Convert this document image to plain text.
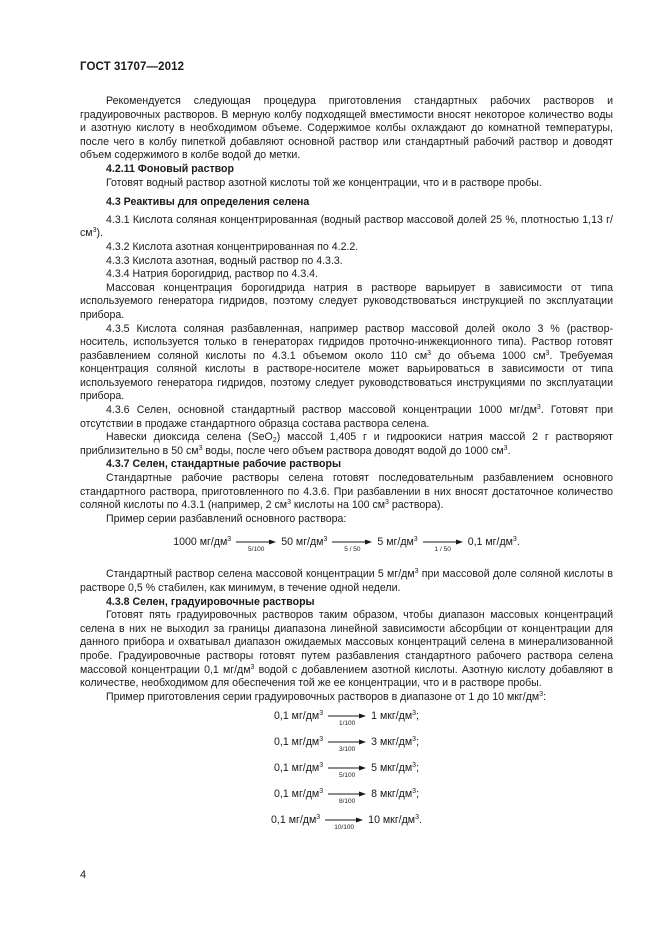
ГОСТ 31707—2012

Рекомендуется следующая процедура приготовления стандартных рабочих растворов и градуировочных растворов. В мерную колбу подходящей вместимости вносят некоторое количество воды и азотную кислоту в необходимом объеме. Содержимое колбы охлаждают до комнатной температуры, после чего в колбу пипеткой добавляют основной раствор или стандартный рабочий раствор и доводят объем содержимого в колбе водой до метки.

4.2.11 Фоновый раствор

Готовят водный раствор азотной кислоты той же концентрации, что и в растворе пробы.

4.3 Реактивы для определения селена

4.3.1 Кислота соляная концентрированная (водный раствор массовой долей 25 %, плотностью 1,13 $г/см^3$).

4.3.2 Кислота азотная концентрированная по 4.2.2.

4.3.3 Кислота азотная, водный раствор по 4.3.3.

4.3.4 Натрия борогидрид, раствор по 4.3.4.

Массовая концентрация борогидрида натрия в растворе варьирует в зависимости от типа используемого генератора гидридов, поэтому следует руководствоваться инструкцией по эксплуатации прибора.

4.3.5 Кислота соляная разбавленная, например раствор массовой долей около 3 % (раствор-носитель, используется только в генераторах гидридов проточно-инжекционного типа). Раствор готовят разбавлением соляной кислоты по 4.3.1 объемом около 110 $см^3$ до объема 1000 $см^3$. Требуемая концентрация соляной кислоты в растворе-носителе может варьироваться в зависимости от типа используемого генератора гидридов, поэтому следует руководствоваться инструкциями по эксплуатации прибора.

4.3.6 Селен, основной стандартный раствор массовой концентрации 1000 $мг/дм^3$. Готовят при отсутствии в продаже стандартного образца состава раствора селена.

Навески диоксида селена (SeO$_2$) массой 1,405 г и гидроокиси натрия массой 2 г растворяют приблизительно в 50 $см^3$ воды, после чего объем раствора доводят водой до 1000 $см^3$.

4.3.7 Селен, стандартные рабочие растворы

Стандартные рабочие растворы селена готовят последовательным разбавлением основного стандартного раствора, приготовленного по 4.3.6. При разбавлении в них вносят достаточное количество соляной кислоты по 4.3.1 (например, 2 $см^3$ кислоты на 100 $см^3$ раствора).

Пример серии разбавлений основного раствора:

1000 $мг/дм^3$
5/100
50 $мг/дм^3$
5 / 50
5 $мг/дм^3$
1 / 50
0,1 $мг/дм^3$.

Стандартный раствор селена массовой концентрации 5 $мг/дм^3$ при массовой доле соляной кислоты в растворе 0,5 % стабилен, как минимум, в течение одной недели.

4.3.8 Селен, градуировочные растворы

Готовят пять градуировочных растворов таким образом, чтобы диапазон массовых концентраций селена в них не выходил за границы диапазона линейной зависимости абсорбции от концентрации для данного прибора и охватывал диапазон ожидаемых массовых концентраций селена в минерализованной пробе. Градуировочные растворы готовят путем разбавления стандартного рабочего раствора селена массовой концентрации 0,1 $мг/дм^3$ водой с добавлением азотной кислоты. Азотную кислоту добавляют в количестве, необходимом для обеспечения той же ее концентрации, что и в растворе пробы.

Пример приготовления серии градуировочных растворов в диапазоне от 1 до 10 мкг/$дм^3$:

0,1 $мг/дм^3$
1/100
1 мкг/$дм^3$;
0,1 $мг/дм^3$
3/100
3 мкг/$дм^3$;
0,1 $мг/дм^3$
5/100
5 мкг/$дм^3$;
0,1 $мг/дм^3$
8/100
8 мкг/$дм^3$;
0,1 $мг/дм^3$
10/100
10 мкг/$дм^3$.
4
